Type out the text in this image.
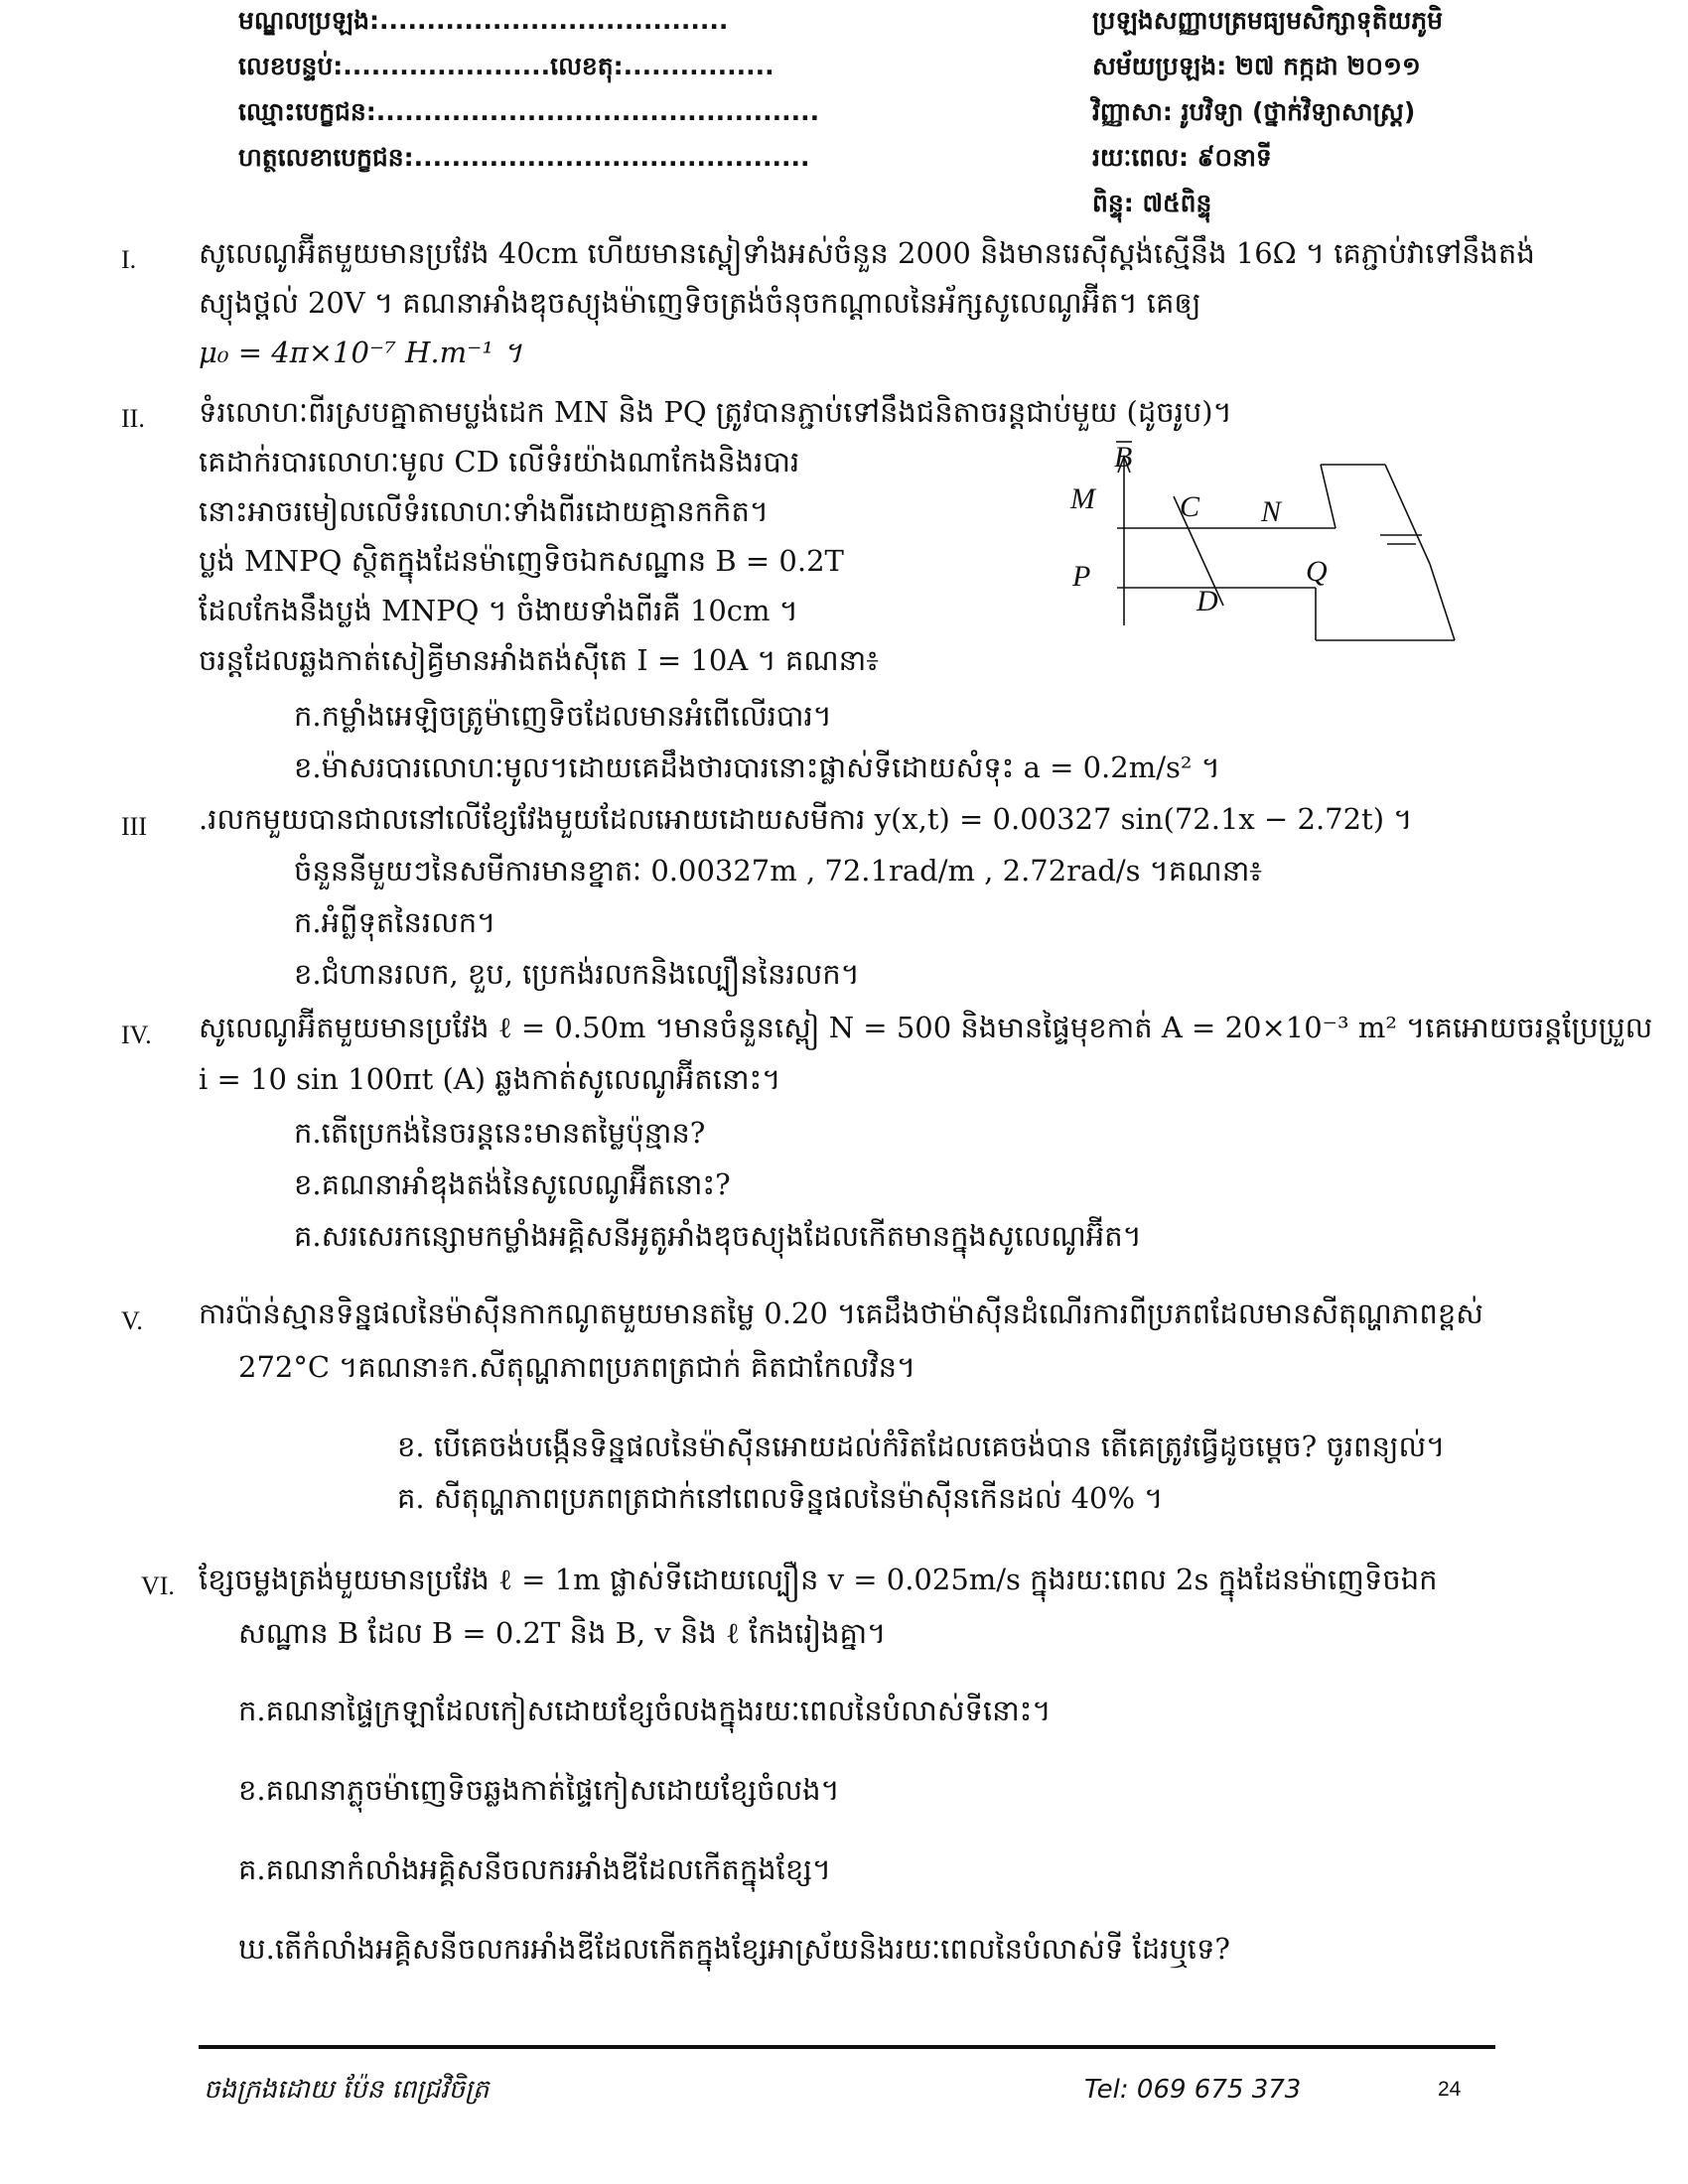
មណ្ឌលប្រឡង:.....................................
លេខបន្ទប់:......................លេខតុ:................
ឈ្មោះបេក្ខជន:...............................................
ហត្ថលេខាបេក្ខជន:..........................................
ប្រឡងសញ្ញាបត្រមធ្យមសិក្សាទុតិយភូមិ
សម័យប្រឡង: ២៧ កក្កដា ២០១១
វិញ្ញាសា: រូបវិទ្យា (ថ្នាក់វិទ្យាសាស្ត្រ)
រយៈពេល: ៩០នាទី
ពិន្ទុ: ៧៥ពិន្ទុ
I. សូលេណូអ៊ីតមួយមានប្រវែង 40cm ហើយមានស្ពៀទាំងអស់ចំនួន 2000 និងមានរេស៊ីស្តង់ស្មើនឹង 16Ω ។ គេភ្ជាប់វាទៅនឹងតង់
ស្យុងថ្ពល់ 20V ។ គណនាអាំងឌុចស្យុងម៉ាញេទិចត្រង់ចំនុចកណ្ដាលនៃអ័ក្សសូលេណូអ៊ីត។ គេឲ្យ
μ₀ = 4π×10⁻⁷ H.m⁻¹ ។
II. ទំរលោហៈពីរស្របគ្នាតាមប្លង់ដេក MN និង PQ ត្រូវបានភ្ជាប់ទៅនឹងជនិតាចរន្តជាប់មួយ (ដូចរូប)។
គេដាក់របារលោហៈមូល CD លើទំរយ៉ាងណាកែងនិងរបារ
នោះអាចរមៀលលើទំរលោហៈទាំងពីរដោយគ្មានកកិត។
ប្លង់ MNPQ ស្ថិតក្នុងដែនម៉ាញេទិចឯកសណ្ឋាន B = 0.2T
ដែលកែងនឹងប្លង់ MNPQ ។ ចំងាយទាំងពីរគឺ 10cm ។
ចរន្តដែលឆ្លងកាត់សៀគ្វីមានអាំងតង់ស៊ីតេ I = 10A ។ គណនា៖
ក.កម្លាំងអេឡិចត្រូម៉ាញេទិចដែលមានអំពើលើរបារ។
ខ.ម៉ាសរបារលោហៈមូល។ដោយគេដឹងថារបារនោះផ្លាស់ទីដោយសំទុះ a = 0.2m/s² ។
B
M	C N
P
D
Q
III .រលកមួយបានជាលនៅលើខ្សែវែងមួយដែលអោយដោយសមីការ y(x,t) = 0.00327 sin(72.1x − 2.72t) ។
ចំនួននីមួយៗនៃសមីការមានខ្នាតៈ 0.00327m , 72.1rad/m , 2.72rad/s ។គណនា៖
ក.អំព្លីទុតនៃរលក។
ខ.ជំហានរលក, ខួប, ប្រេកង់រលកនិងល្បឿននៃរលក។
IV. សូលេណូអ៊ីតមួយមានប្រវែង ℓ = 0.50m ។មានចំនួនស្ពៀ N = 500 និងមានផ្ទៃមុខកាត់ A = 20×10⁻³ m² ។គេអោយចរន្តប្រែប្រួល
i = 10 sin 100πt (A) ឆ្លងកាត់សូលេណូអ៊ីតនោះ។
ក.តើប្រេកង់នៃចរន្តនេះមានតម្លៃប៉ុន្មាន?
ខ.គណនាអាំឌុងតង់នៃសូលេណូអ៊ីតនោះ?
គ.សរសេរកន្សោមកម្លាំងអគ្គិសនីអូតូអាំងឌុចស្យុងដែលកើតមានក្នុងសូលេណូអ៊ីត។
V. ការប៉ាន់ស្មានទិន្នផលនៃម៉ាស៊ីនកាកណូតមួយមានតម្លៃ 0.20 ។គេដឹងថាម៉ាស៊ីនដំណើរការពីប្រភពដែលមានសីតុណ្ហភាពខ្ពស់
272°C ។គណនា៖ក.សីតុណ្ហភាពប្រភពត្រជាក់ គិតជាកែលវិន។
ខ. បើគេចង់បង្កើនទិន្នផលនៃម៉ាស៊ីនអោយដល់កំរិតដែលគេចង់បាន តើគេត្រូវធ្វើដូចម្ដេច? ចូរពន្យល់។
គ. សីតុណ្ហភាពប្រភពត្រជាក់នៅពេលទិន្នផលនៃម៉ាស៊ីនកើនដល់ 40% ។
VI. ខ្សែចម្លងត្រង់មួយមានប្រវែង ℓ = 1m ផ្លាស់ទីដោយល្បឿន v = 0.025m/s ក្នុងរយៈពេល 2s ក្នុងដែនម៉ាញេទិចឯក
សណ្ឋាន B ដែល B = 0.2T និង B, v និង ℓ កែងរៀងគ្នា។
ក.គណនាផ្ទៃក្រឡាដែលកៀសដោយខ្សែចំលងក្នុងរយៈពេលនៃបំលាស់ទីនោះ។
ខ.គណនាភ្លុចម៉ាញេទិចឆ្លងកាត់ផ្ទៃកៀសដោយខ្សែចំលង។
គ.គណនាកំលាំងអគ្គិសនីចលករអាំងឌីដែលកើតក្នុងខ្សែ។
ឃ.តើកំលាំងអគ្គិសនីចលករអាំងឌីដែលកើតក្នុងខ្សែអាស្រ័យនិងរយៈពេលនៃបំលាស់ទី ដែរឬទេ?
ចងក្រងដោយ ប៉ែន ពេជ្រវិចិត្រ	Tel: 069 675 373	24
